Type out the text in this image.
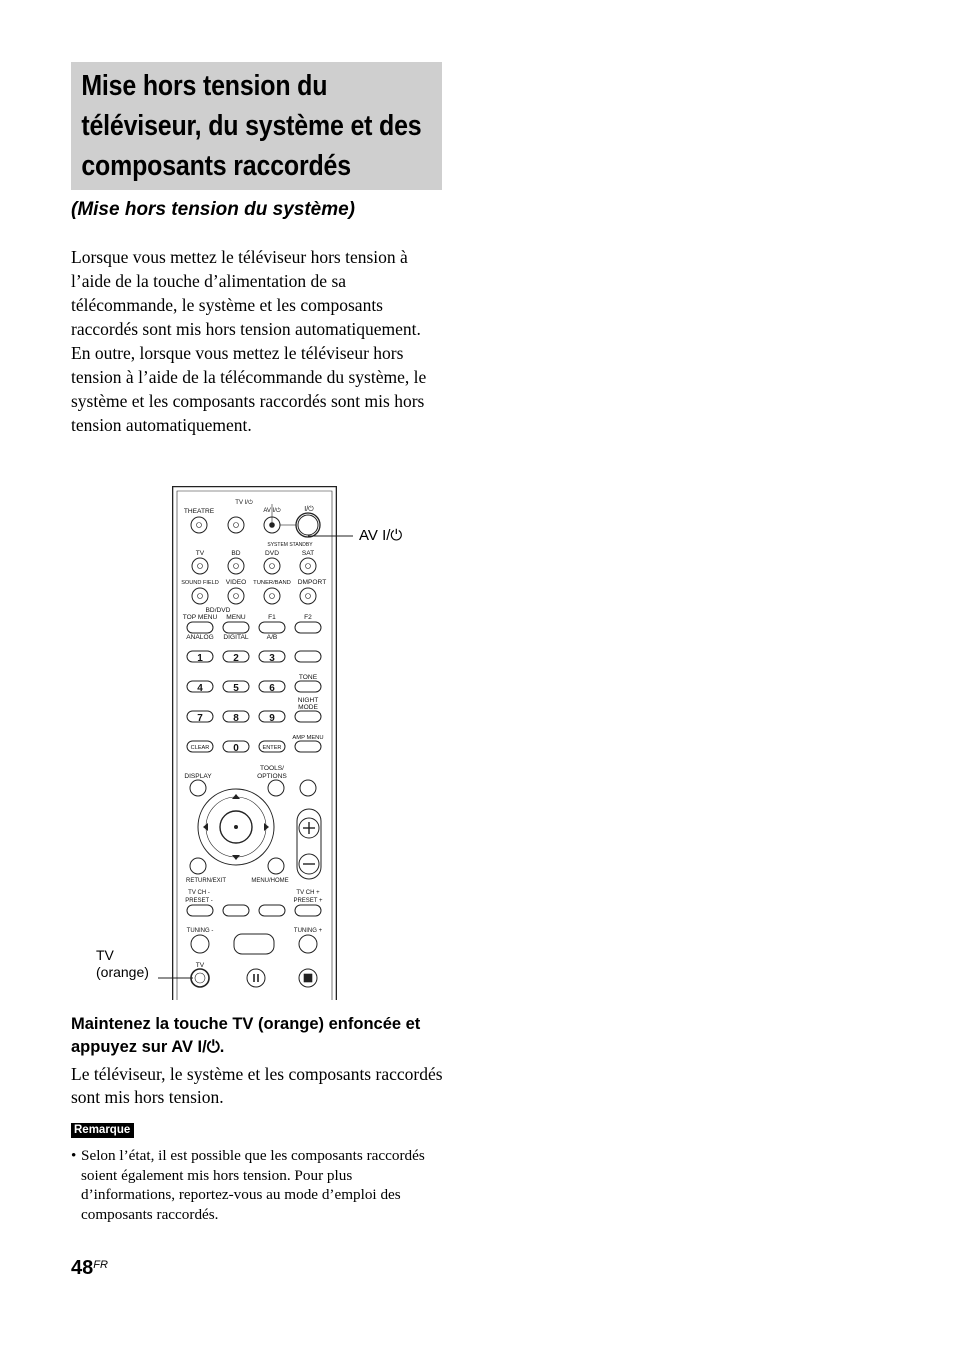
Mise hors tension du téléviseur, du système et des composants raccordés
(Mise hors tension du système)

Lorsque vous mettez le téléviseur hors tension à l’aide de la touche d’alimentation de sa télécommande, le système et les composants raccordés sont mis hors tension automatiquement.

En outre, lorsque vous mettez le téléviseur hors tension à l’aide de la télécommande du système, le système et les composants raccordés sont mis hors tension automatiquement.

THEATRE
TV I/⏻
AV I/⏻	I/⏻
SYSTEM STANDBY
TV	BD	DVD	SAT
SOUND FIELD VIDEO TUNER/BAND DMPORT
BD/DVD
TOP MENU MENU	F1	F2
ANALOG DIGITAL	A/B
TONE
NIGHT
MODE
AMP MENU
DISPLAY
TOOLS/
OPTIONS
RETURN/EXIT	MENU/HOME
TV CH -
PRESET -
TV CH +
PRESET +
TUNING -	TUNING +
TV
1	2	3
4	5	6
7	8	9
0
CLEAR	ENTER
AV I/⏻
TV
(orange)
Maintenez la touche TV (orange) enfoncée et appuyez sur AV I/⏻.
Le téléviseur, le système et les composants raccordés sont mis hors tension.
Remarque
• Selon l’état, il est possible que les composants raccordés soient également mis hors tension. Pour plus d’informations, reportez-vous au mode d’emploi des composants raccordés.
$48^{FR}$
